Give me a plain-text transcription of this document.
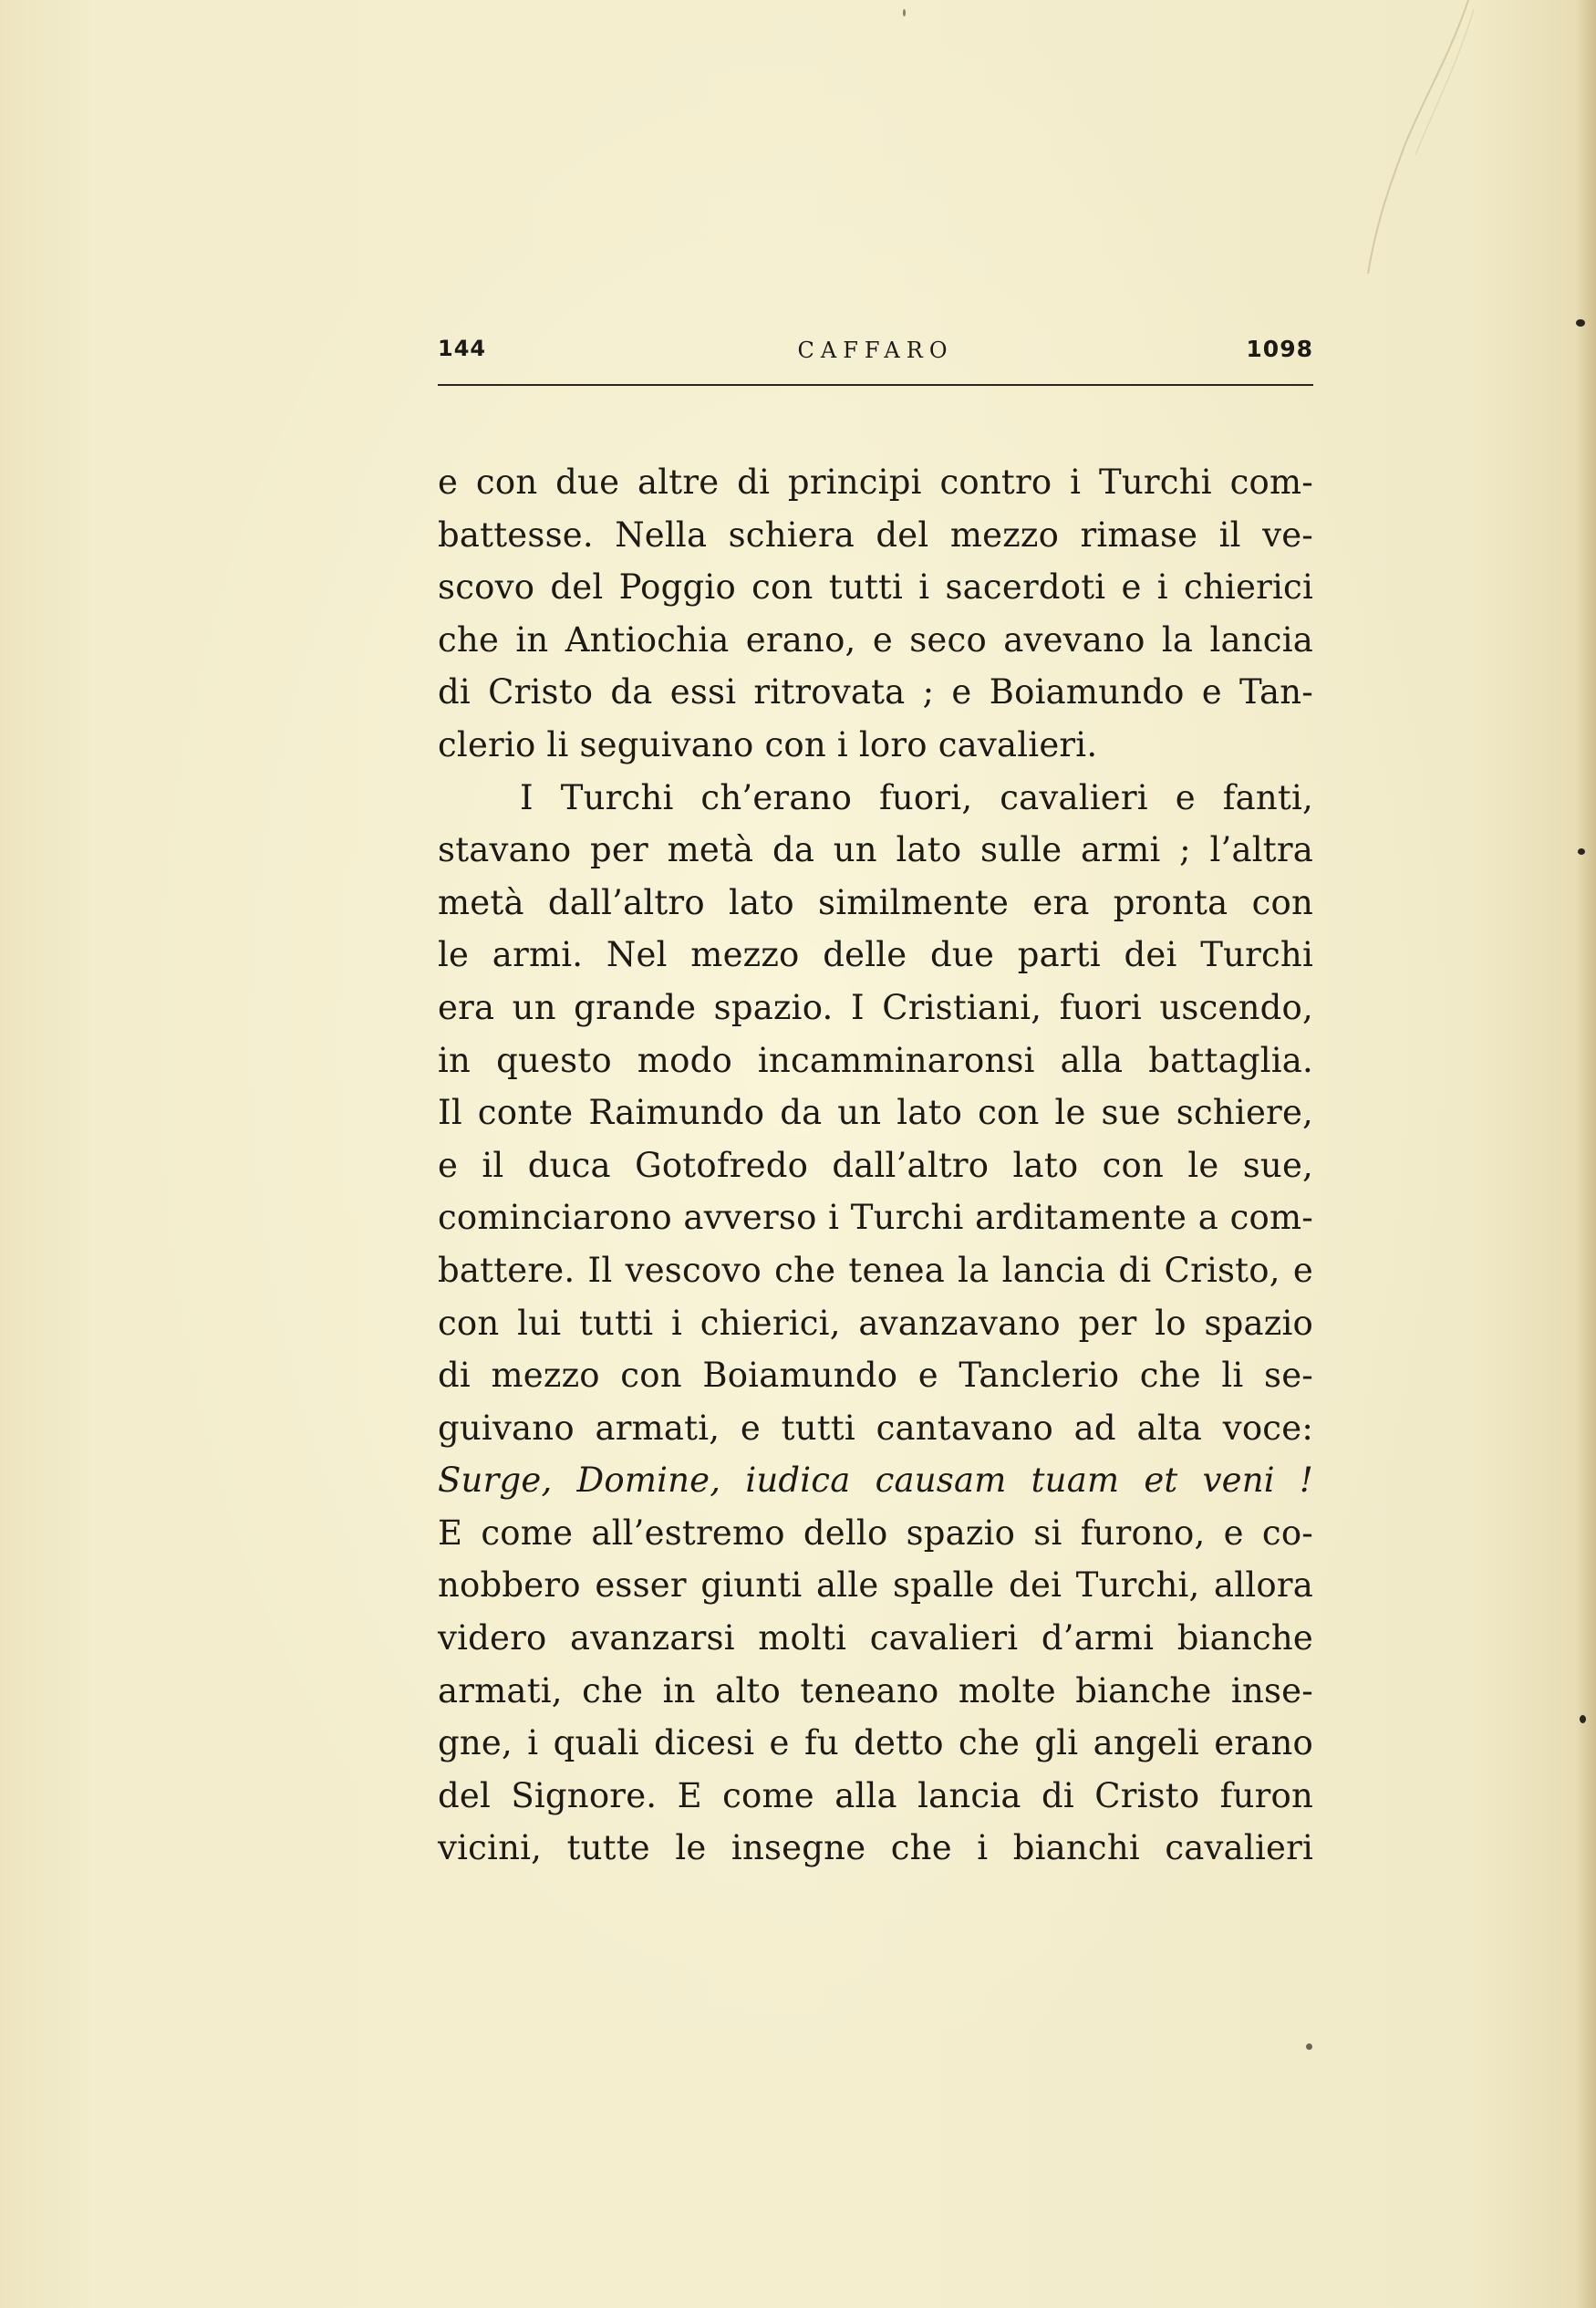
144	CAFFARO	1098
e con due altre di principi contro i Turchi com-
battesse. Nella schiera del mezzo rimase il ve-
scovo del Poggio con tutti i sacerdoti e i chierici
che in Antiochia erano, e seco avevano la lancia
di Cristo da essi ritrovata ; e Boiamundo e Tan-
clerio li seguivano con i loro cavalieri.
I Turchi ch’erano fuori, cavalieri e fanti,
stavano per metà da un lato sulle armi ; l’altra
metà dall’altro lato similmente era pronta con
le armi. Nel mezzo delle due parti dei Turchi
era un grande spazio. I Cristiani, fuori uscendo,
in questo modo incamminaronsi alla battaglia.
Il conte Raimundo da un lato con le sue schiere,
e il duca Gotofredo dall’altro lato con le sue,
cominciarono avverso i Turchi arditamente a com-
battere. Il vescovo che tenea la lancia di Cristo, e
con lui tutti i chierici, avanzavano per lo spazio
di mezzo con Boiamundo e Tanclerio che li se-
guivano armati, e tutti cantavano ad alta voce:
Surge, Domine, iudica causam tuam et veni !
E come all’estremo dello spazio si furono, e co-
nobbero esser giunti alle spalle dei Turchi, allora
videro avanzarsi molti cavalieri d’armi bianche
armati, che in alto teneano molte bianche inse-
gne, i quali dicesi e fu detto che gli angeli erano
del Signore. E come alla lancia di Cristo furon
vicini, tutte le insegne che i bianchi cavalieri
